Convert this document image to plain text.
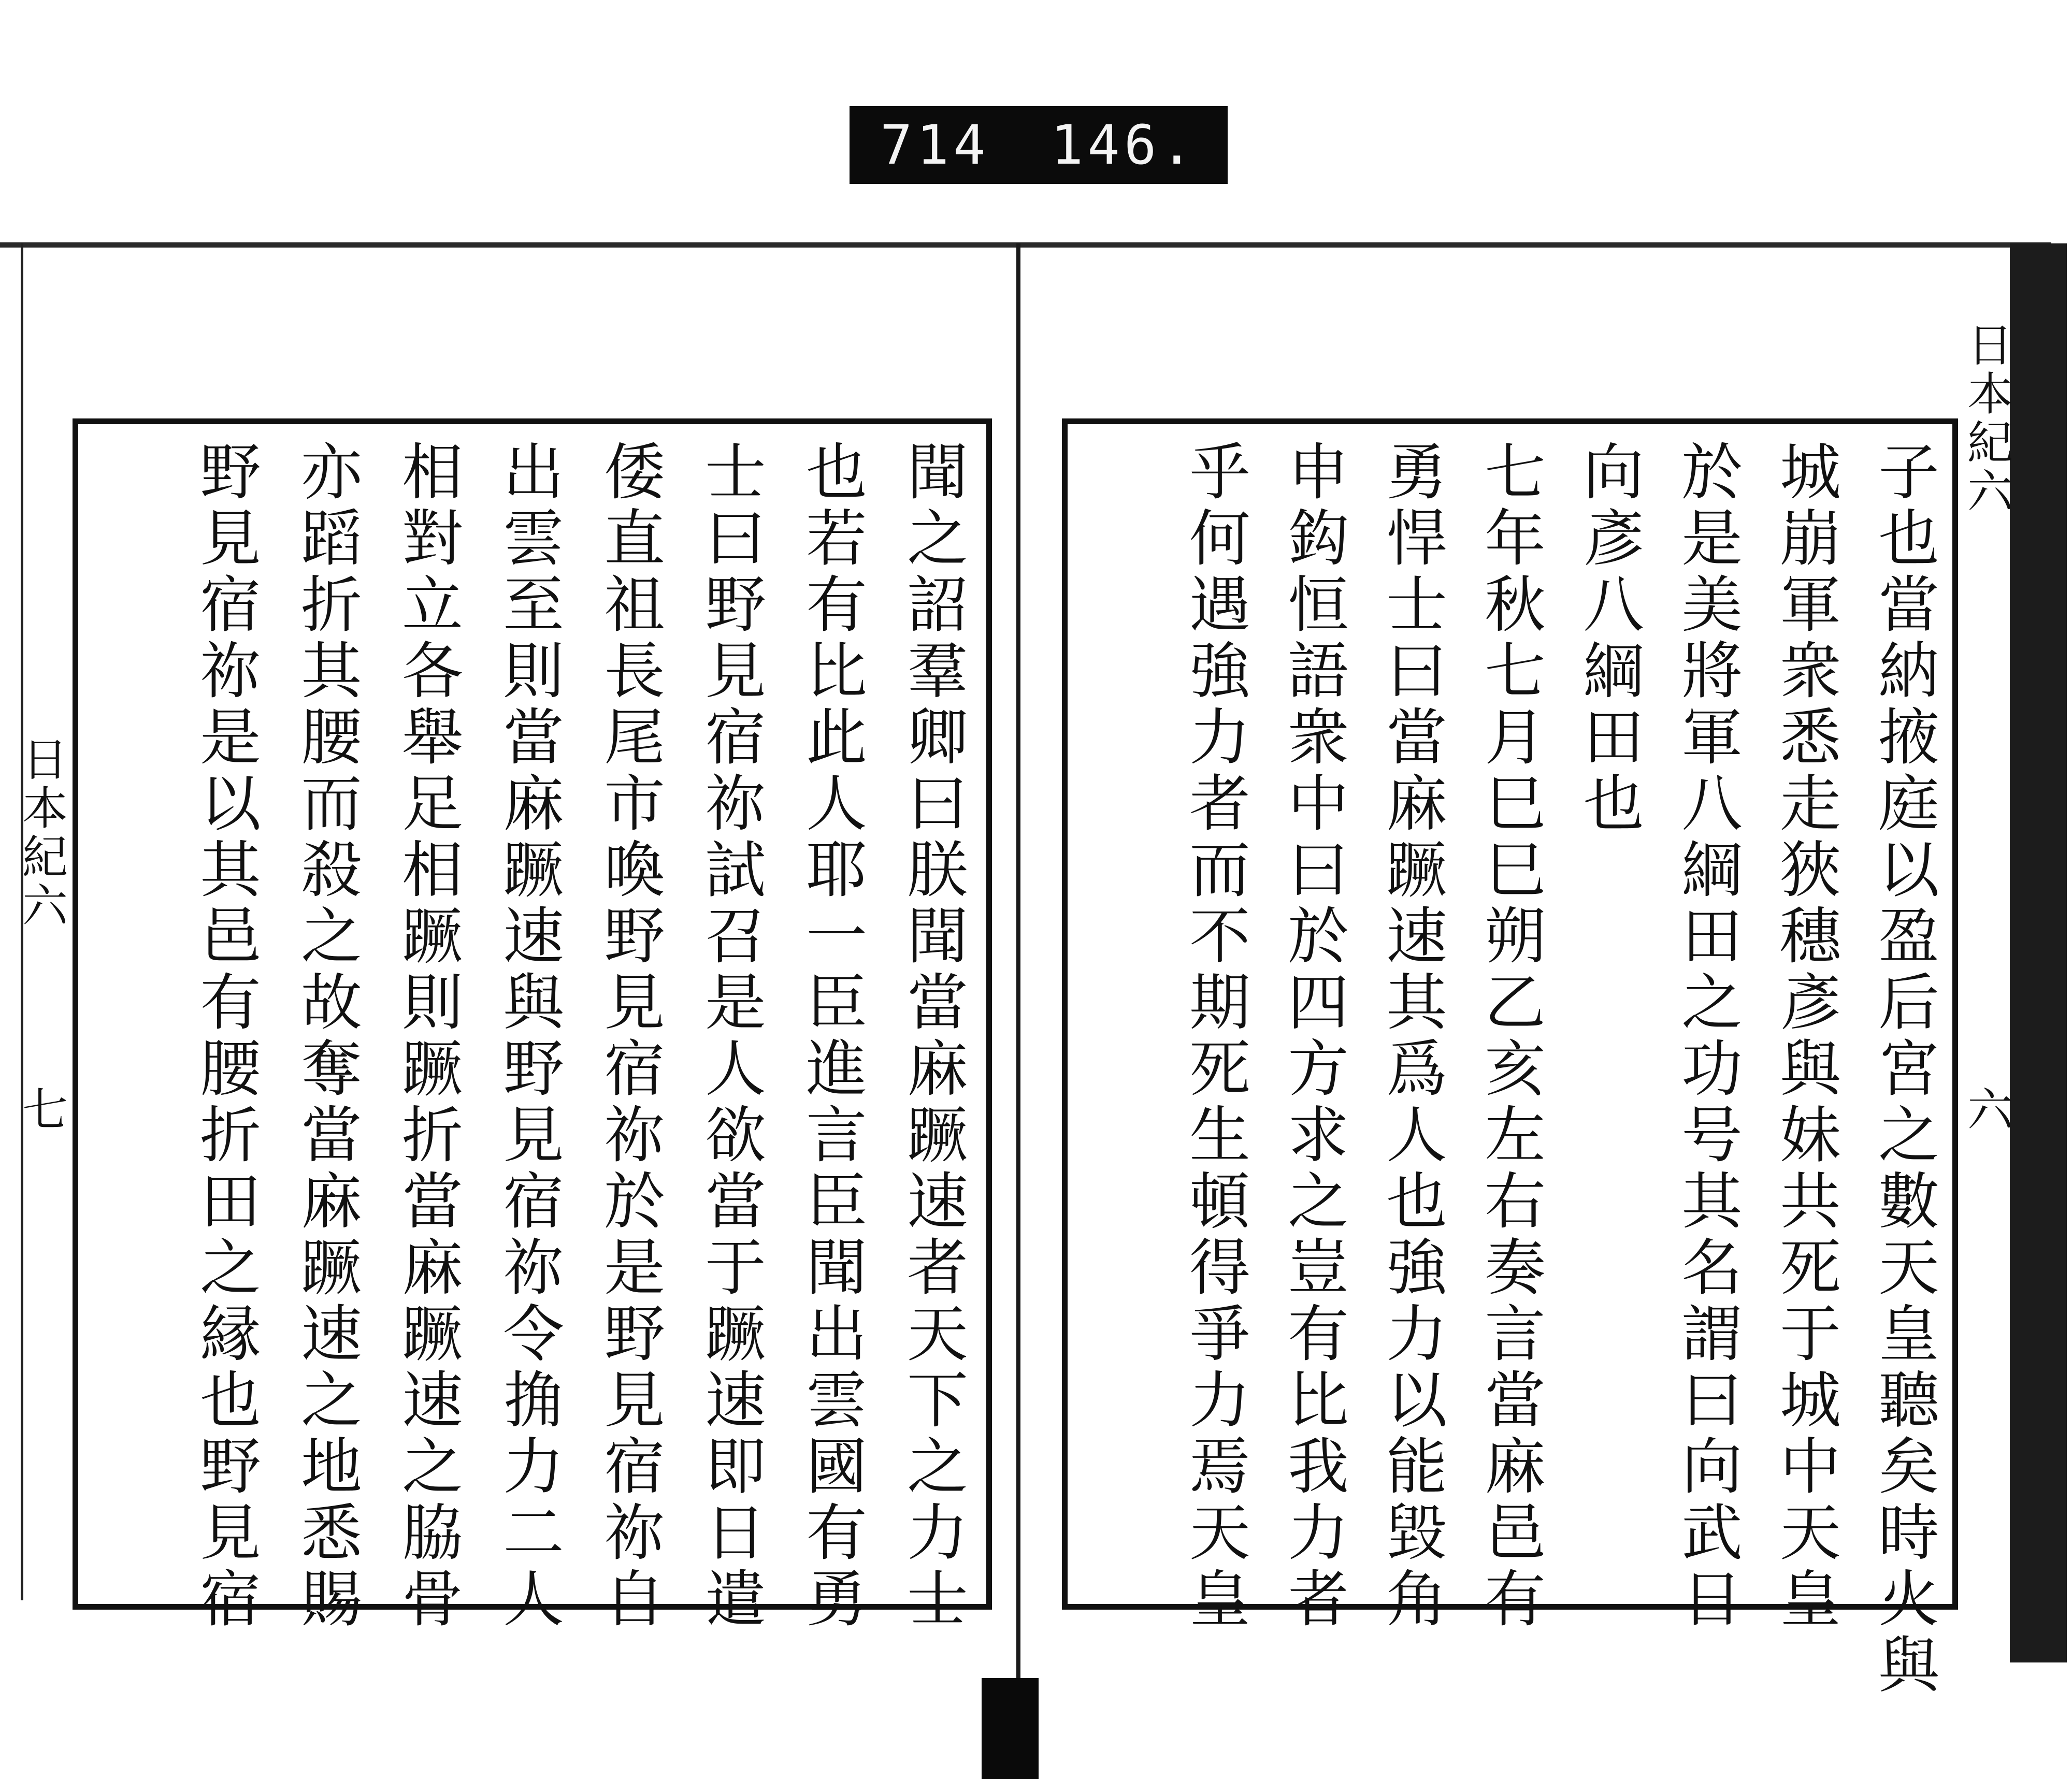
714 146.
日本紀六
七
日本紀六
六
聞之詔羣卿曰朕聞當麻蹶速者天下之力士
也若有比此人耶一臣進言臣聞出雲國有勇
士曰野見宿祢試召是人欲當于蹶速即日遣
倭直祖長尾市喚野見宿祢於是野見宿祢自
出雲至則當麻蹶速與野見宿祢令捔力二人
相對立各舉足相蹶則蹶折當麻蹶速之脇骨
亦蹈折其腰而殺之故奪當麻蹶速之地悉賜
野見宿祢是以其邑有腰折田之縁也野見宿	子也當納掖庭以盈后宮之數天皇聽矣時火與
城崩軍衆悉走狹穗彥與妹共死于城中天皇
於是美將軍八綱田之功号其名謂曰向武日
向彥八綱田也
七年秋七月巳巳朔乙亥左右奏言當麻邑有
勇悍士曰當麻蹶速其爲人也強力以能毀角
申鈎恒語衆中曰於四方求之豈有比我力者
乎何遇強力者而不期死生頓得爭力焉天皇
